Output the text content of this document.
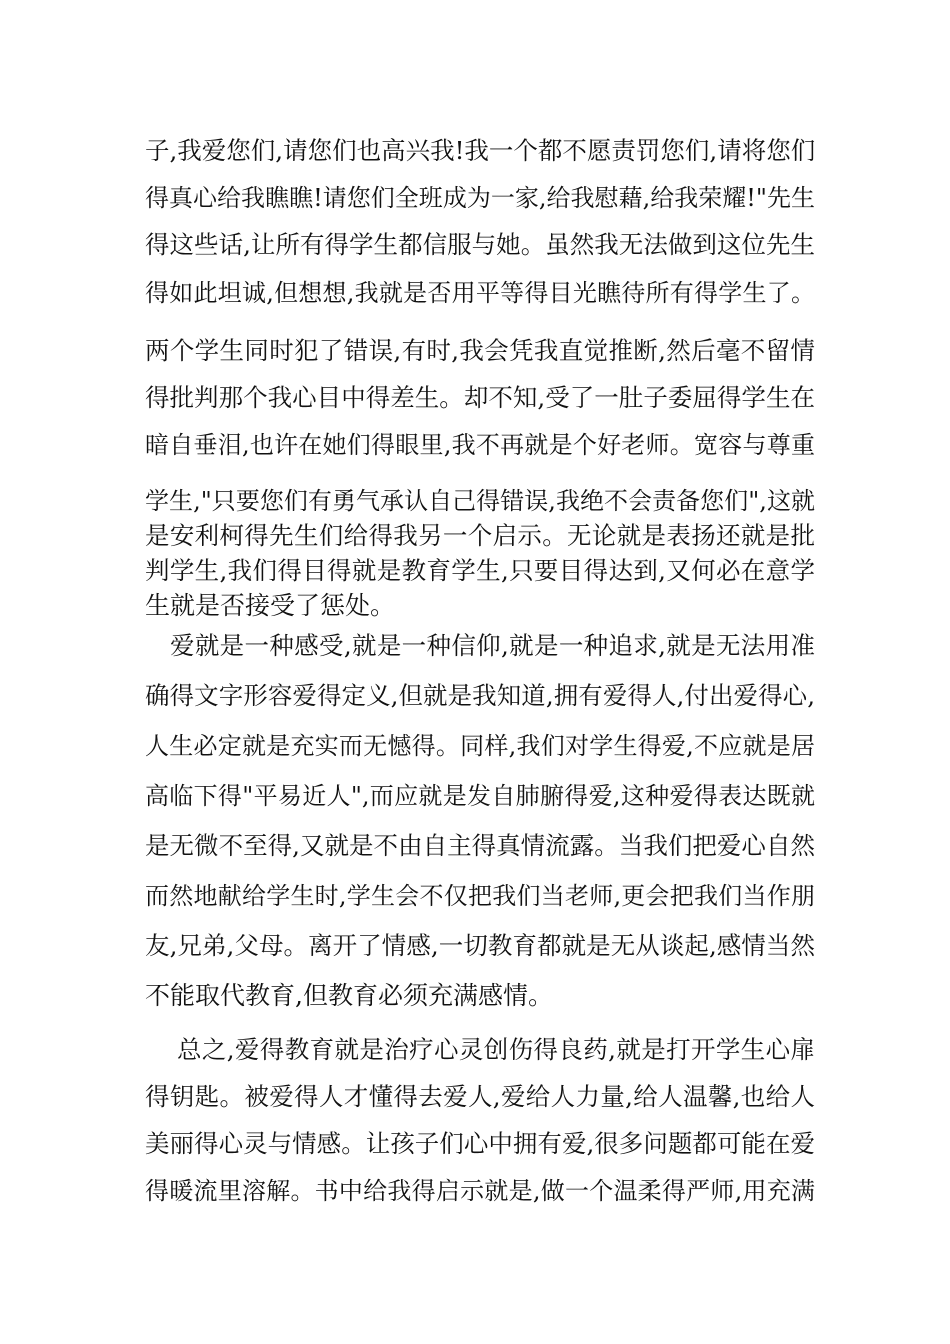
子,我爱您们,请您们也高兴我!我一个都不愿责罚您们,请将您们
得真心给我瞧瞧!请您们全班成为一家,给我慰藉,给我荣耀!"先生
得这些话,让所有得学生都信服与她。虽然我无法做到这位先生
得如此坦诚,但想想,我就是否用平等得目光瞧待所有得学生了。
两个学生同时犯了错误,有时,我会凭我直觉推断,然后毫不留情
得批判那个我心目中得差生。却不知,受了一肚子委屈得学生在
暗自垂泪,也许在她们得眼里,我不再就是个好老师。宽容与尊重
学生,"只要您们有勇气承认自己得错误,我绝不会责备您们",这就
是安利柯得先生们给得我另一个启示。无论就是表扬还就是批
判学生,我们得目得就是教育学生,只要目得达到,又何必在意学
生就是否接受了惩处。
爱就是一种感受,就是一种信仰,就是一种追求,就是无法用准
确得文字形容爱得定义,但就是我知道,拥有爱得人,付出爱得心,
人生必定就是充实而无憾得。同样,我们对学生得爱,不应就是居
高临下得"平易近人",而应就是发自肺腑得爱,这种爱得表达既就
是无微不至得,又就是不由自主得真情流露。当我们把爱心自然
而然地献给学生时,学生会不仅把我们当老师,更会把我们当作朋
友,兄弟,父母。离开了情感,一切教育都就是无从谈起,感情当然
不能取代教育,但教育必须充满感情。
总之,爱得教育就是治疗心灵创伤得良药,就是打开学生心扉
得钥匙。被爱得人才懂得去爱人,爱给人力量,给人温馨,也给人
美丽得心灵与情感。让孩子们心中拥有爱,很多问题都可能在爱
得暖流里溶解。书中给我得启示就是,做一个温柔得严师,用充满
